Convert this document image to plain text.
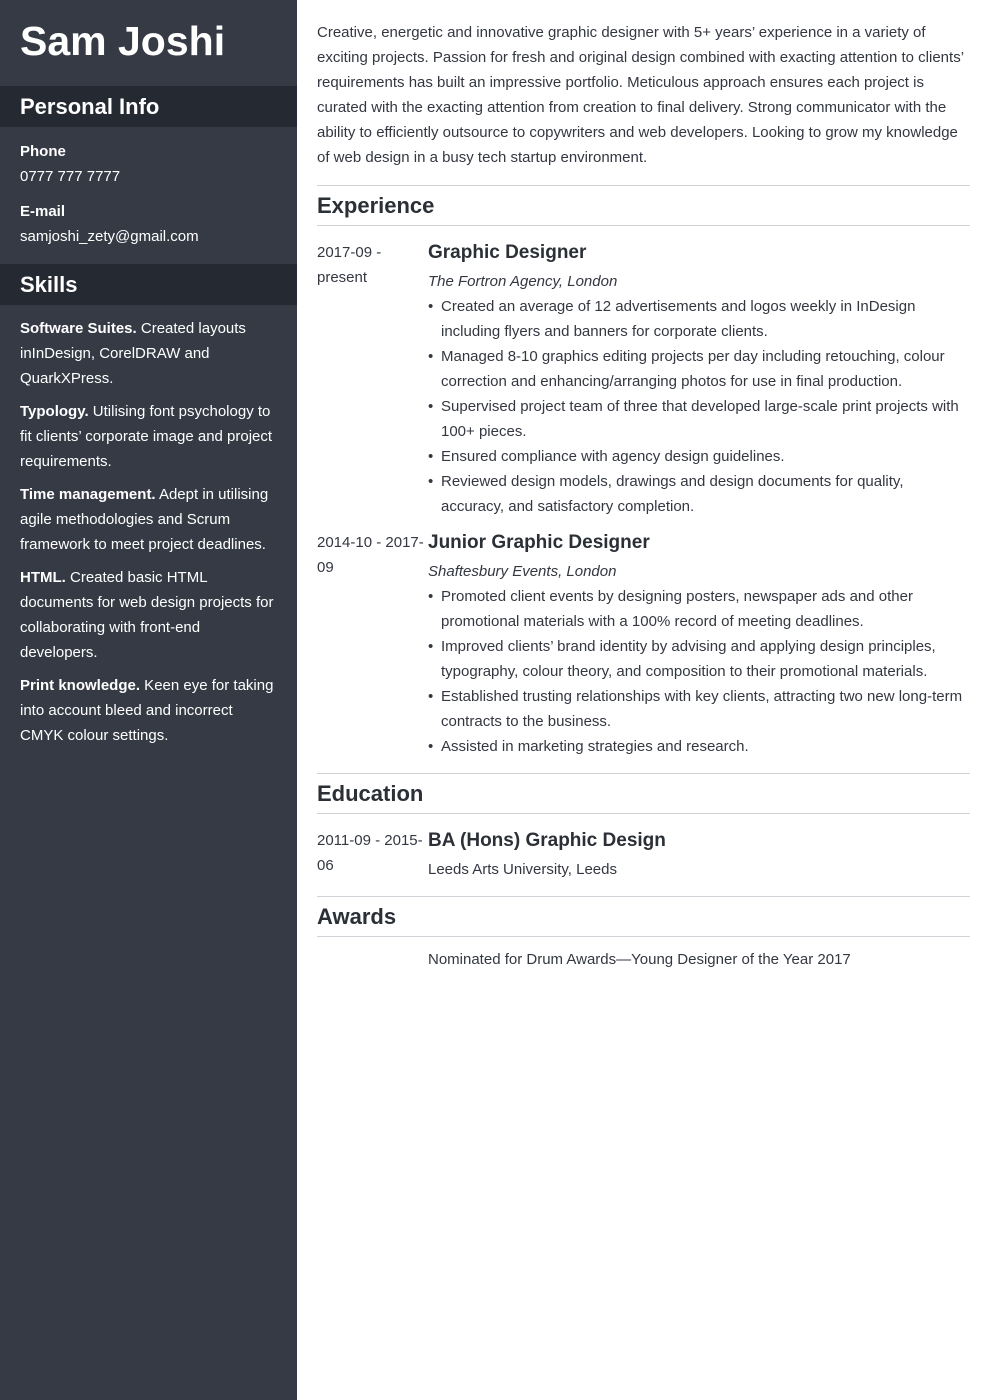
Sam Joshi
Personal Info
Phone
0777 777 7777
E-mail
samjoshi_zety@gmail.com
Skills
Software Suites. Created layouts inInDesign, CorelDRAW and QuarkXPress.
Typology. Utilising font psychology to fit clients’ corporate image and project requirements.
Time management. Adept in utilising agile methodologies and Scrum framework to meet project deadlines.
HTML. Created basic HTML documents for web design projects for collaborating with front-end developers.
Print knowledge. Keen eye for taking into account bleed and incorrect CMYK colour settings.

Creative, energetic and innovative graphic designer with 5+ years’ experience in a variety of exciting projects. Passion for fresh and original design combined with exacting attention to clients’ requirements has built an impressive portfolio. Meticulous approach ensures each project is curated with the exacting attention from creation to final delivery. Strong communicator with the ability to efficiently outsource to copywriters and web developers. Looking to grow my knowledge of web design in a busy tech startup environment.

Experience
2017-09 - present
Graphic Designer
The Fortron Agency, London
• Created an average of 12 advertisements and logos weekly in InDesign including flyers and banners for corporate clients.
• Managed 8-10 graphics editing projects per day including retouching, colour correction and enhancing/arranging photos for use in final production.
• Supervised project team of three that developed large-scale print projects with 100+ pieces.
• Ensured compliance with agency design guidelines.
• Reviewed design models, drawings and design documents for quality, accuracy, and satisfactory completion.
2014-10 - 2017-09
Junior Graphic Designer
Shaftesbury Events, London
• Promoted client events by designing posters, newspaper ads and other promotional materials with a 100% record of meeting deadlines.
• Improved clients’ brand identity by advising and applying design principles, typography, colour theory, and composition to their promotional materials.
• Established trusting relationships with key clients, attracting two new long-term contracts to the business.
• Assisted in marketing strategies and research.
Education
2011-09 - 2015-06
BA (Hons) Graphic Design
Leeds Arts University, Leeds
Awards
Nominated for Drum Awards—Young Designer of the Year 2017
